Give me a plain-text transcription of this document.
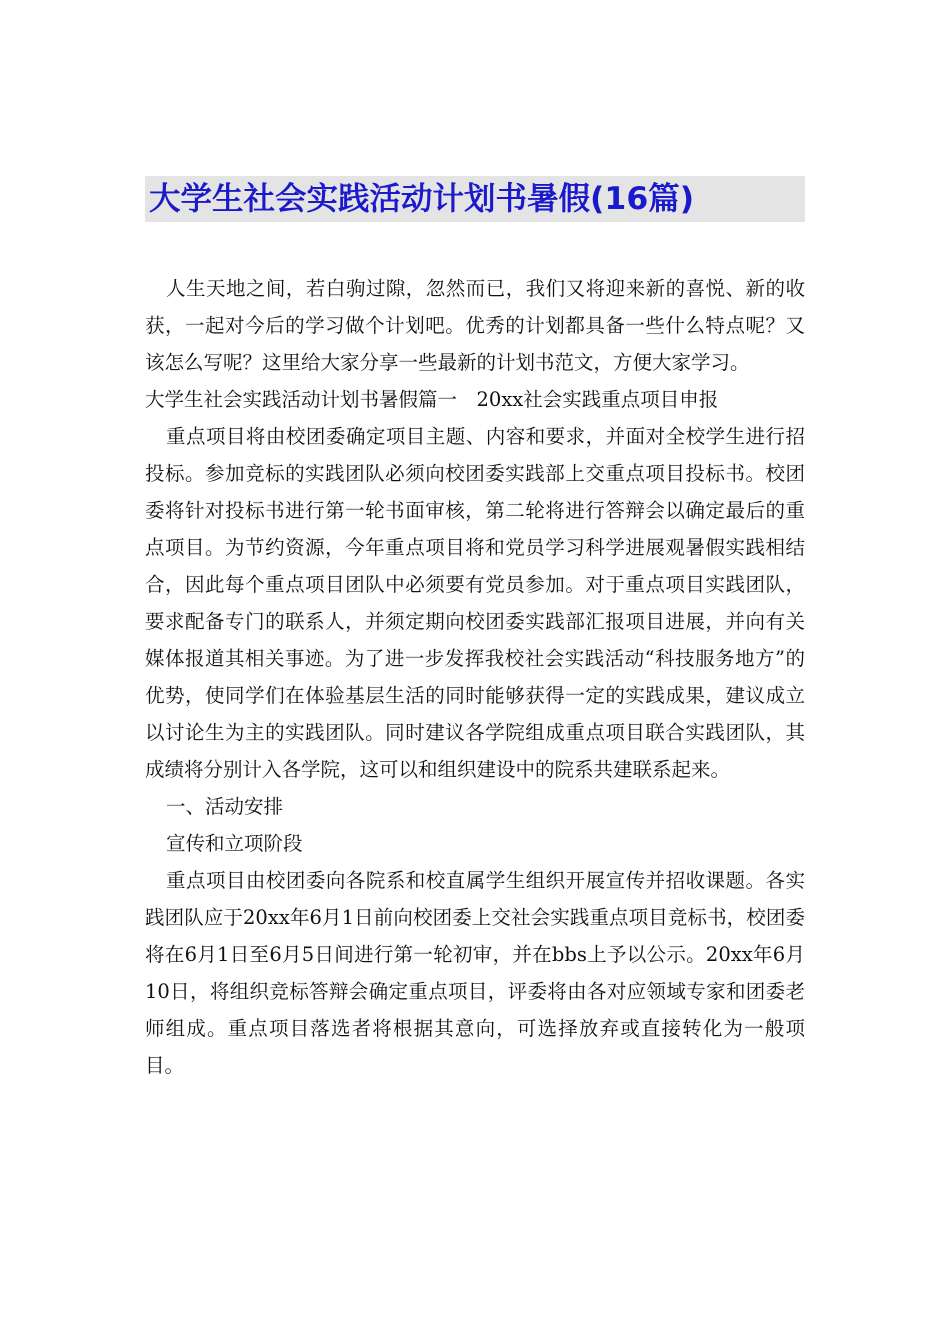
大学生社会实践活动计划书暑假(16篇)

人生天地之间，若白驹过隙，忽然而已，我们又将迎来新的喜悦、新的收获，一起对今后的学习做个计划吧。优秀的计划都具备一些什么特点呢？又该怎么写呢？这里给大家分享一些最新的计划书范文，方便大家学习。

大学生社会实践活动计划书暑假篇一　20xx社会实践重点项目申报

重点项目将由校团委确定项目主题、内容和要求，并面对全校学生进行招投标。参加竞标的实践团队必须向校团委实践部上交重点项目投标书。校团委将针对投标书进行第一轮书面审核，第二轮将进行答辩会以确定最后的重点项目。为节约资源，今年重点项目将和党员学习科学进展观暑假实践相结合，因此每个重点项目团队中必须要有党员参加。对于重点项目实践团队，要求配备专门的联系人，并须定期向校团委实践部汇报项目进展，并向有关媒体报道其相关事迹。为了进一步发挥我校社会实践活动“科技服务地方”的优势，使同学们在体验基层生活的同时能够获得一定的实践成果，建议成立以讨论生为主的实践团队。同时建议各学院组成重点项目联合实践团队，其成绩将分别计入各学院，这可以和组织建设中的院系共建联系起来。

一、活动安排

宣传和立项阶段

重点项目由校团委向各院系和校直属学生组织开展宣传并招收课题。各实践团队应于20xx年6月1日前向校团委上交社会实践重点项目竞标书，校团委将在6月1日至6月5日间进行第一轮初审，并在bbs上予以公示。20xx年6月10日，将组织竞标答辩会确定重点项目，评委将由各对应领域专家和团委老师组成。重点项目落选者将根据其意向，可选择放弃或直接转化为一般项目。
